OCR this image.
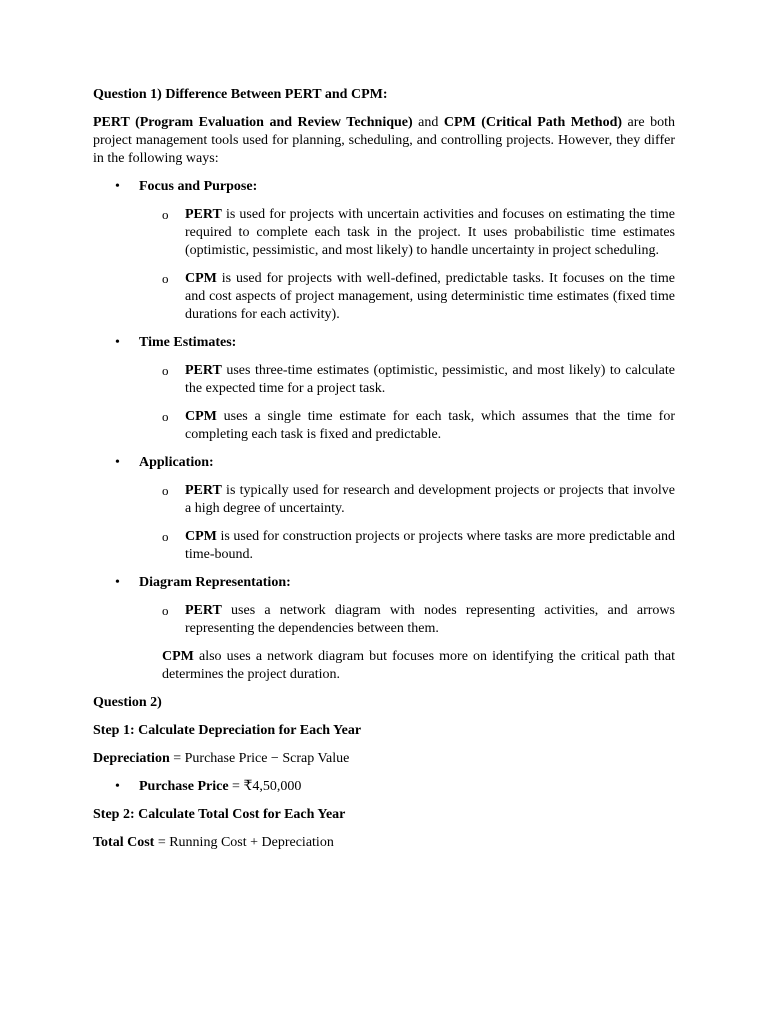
Question 1) Difference Between PERT and CPM:

PERT (Program Evaluation and Review Technique) and CPM (Critical Path Method) are both project management tools used for planning, scheduling, and controlling projects. However, they differ in the following ways:

• Focus and Purpose:
o PERT is used for projects with uncertain activities and focuses on estimating the time required to complete each task in the project. It uses probabilistic time estimates (optimistic, pessimistic, and most likely) to handle uncertainty in project scheduling.
o CPM is used for projects with well-defined, predictable tasks. It focuses on the time and cost aspects of project management, using deterministic time estimates (fixed time durations for each activity).
• Time Estimates:
o PERT uses three-time estimates (optimistic, pessimistic, and most likely) to calculate the expected time for a project task.
o CPM uses a single time estimate for each task, which assumes that the time for completing each task is fixed and predictable.
• Application:
o PERT is typically used for research and development projects or projects that involve a high degree of uncertainty.
o CPM is used for construction projects or projects where tasks are more predictable and time-bound.
• Diagram Representation:
o PERT uses a network diagram with nodes representing activities, and arrows representing the dependencies between them.

CPM also uses a network diagram but focuses more on identifying the critical path that determines the project duration.

Question 2)

Step 1: Calculate Depreciation for Each Year

Depreciation = Purchase Price − Scrap Value

• Purchase Price = ₹4,50,000

Step 2: Calculate Total Cost for Each Year

Total Cost = Running Cost + Depreciation
